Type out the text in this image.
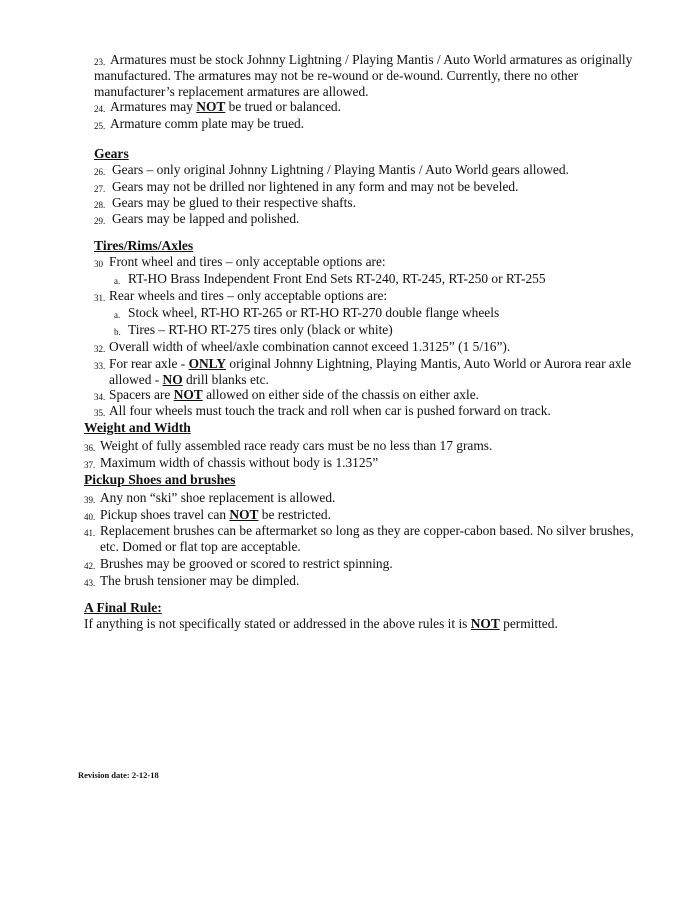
23. Armatures must be stock Johnny Lightning / Playing Mantis / Auto World armatures as originally
manufactured. The armatures may not be re-wound or de-wound. Currently, there no other
manufacturer’s replacement armatures are allowed.
24. Armatures may NOT be trued or balanced.
25. Armature comm plate may be trued.
Gears
26. Gears – only original Johnny Lightning / Playing Mantis / Auto World gears allowed.
27. Gears may not be drilled nor lightened in any form and may not be beveled.
28. Gears may be glued to their respective shafts.
29. Gears may be lapped and polished.
Tires/Rims/Axles
30 Front wheel and tires – only acceptable options are:
a. RT-HO Brass Independent Front End Sets RT-240, RT-245, RT-250 or RT-255
31. Rear wheels and tires – only acceptable options are:
a. Stock wheel, RT-HO RT-265 or RT-HO RT-270 double flange wheels
b. Tires – RT-HO RT-275 tires only (black or white)
32. Overall width of wheel/axle combination cannot exceed 1.3125” (1 5/16”).
33. For rear axle - ONLY original Johnny Lightning, Playing Mantis, Auto World or Aurora rear axle
allowed - NO drill blanks etc.
34. Spacers are NOT allowed on either side of the chassis on either axle.
35. All four wheels must touch the track and roll when car is pushed forward on track.
Weight and Width
36. Weight of fully assembled race ready cars must be no less than 17 grams.
37. Maximum width of chassis without body is 1.3125”
Pickup Shoes and brushes
39. Any non “ski” shoe replacement is allowed.
40. Pickup shoes travel can NOT be restricted.
41. Replacement brushes can be aftermarket so long as they are copper-cabon based. No silver brushes,
etc. Domed or flat top are acceptable.
42. Brushes may be grooved or scored to restrict spinning.
43. The brush tensioner may be dimpled.
A Final Rule:
If anything is not specifically stated or addressed in the above rules it is NOT permitted.
Revision date: 2-12-18
